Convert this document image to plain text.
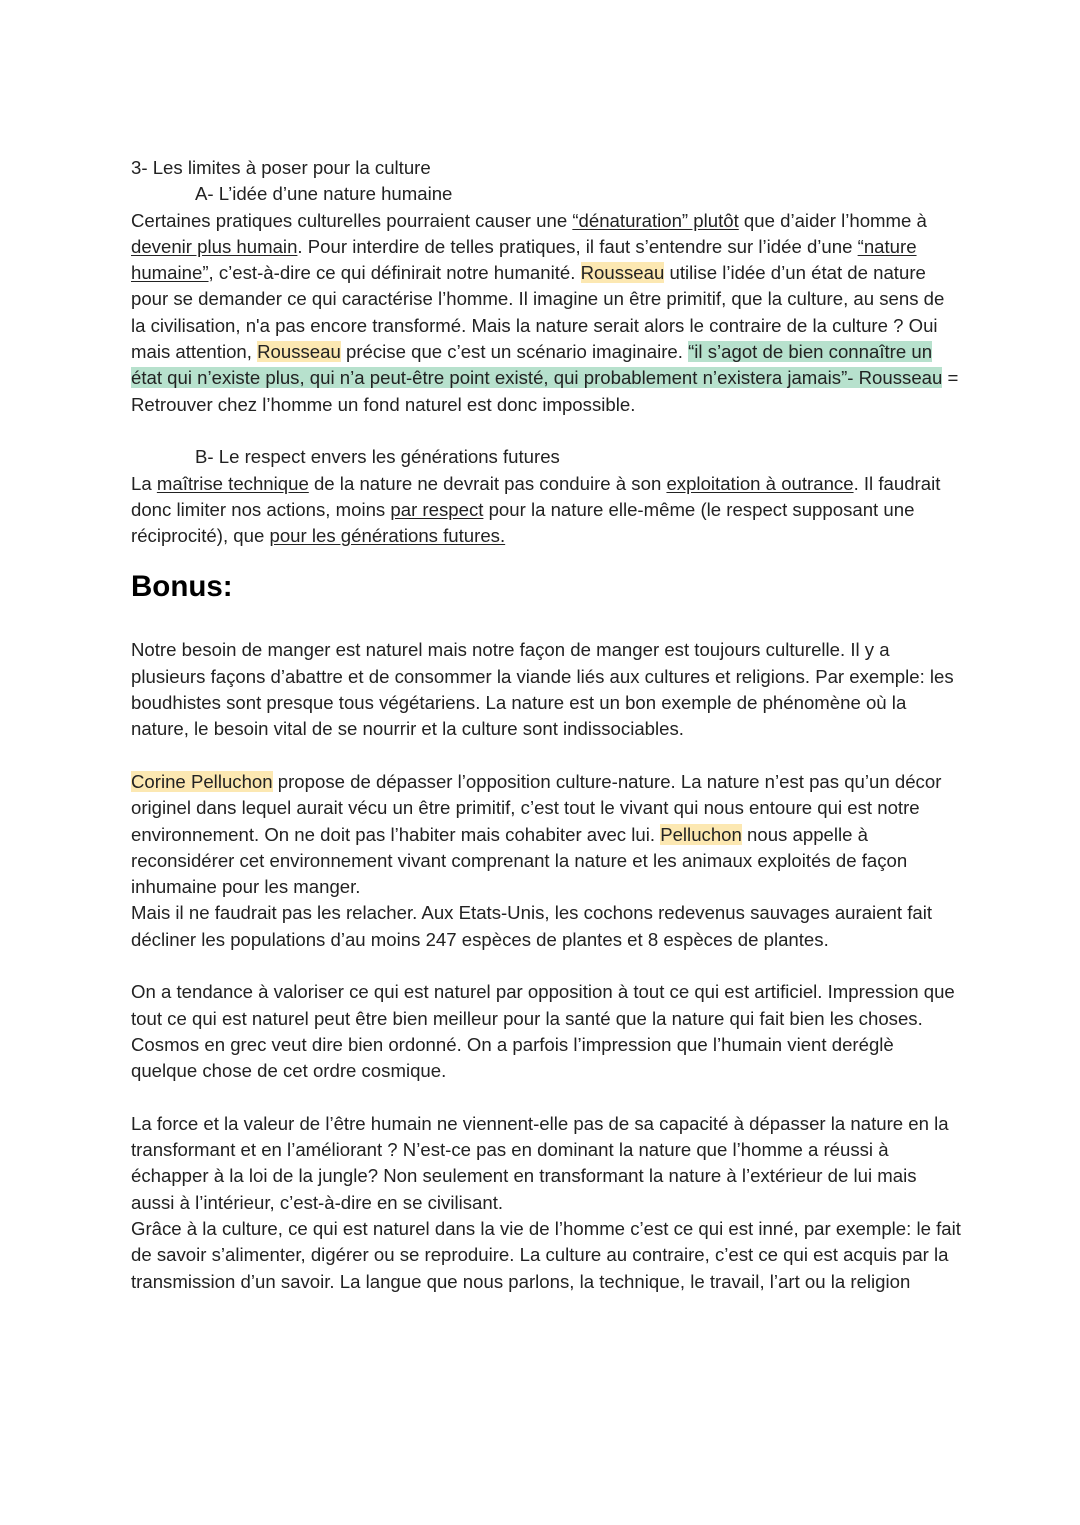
3- Les limites à poser pour la culture

A- L’idée d’une nature humaine

Certaines pratiques culturelles pourraient causer une “dénaturation” plutôt que d’aider l’homme à devenir plus humain. Pour interdire de telles pratiques, il faut s’entendre sur l’idée d’une “nature humaine”, c’est-à-dire ce qui définirait notre humanité. Rousseau utilise l’idée d’un état de nature pour se demander ce qui caractérise l’homme. Il imagine un être primitif, que la culture, au sens de la civilisation, n'a pas encore transformé. Mais la nature serait alors le contraire de la culture ? Oui mais attention, Rousseau précise que c’est un scénario imaginaire. “il s’agot de bien connaître un état qui n’existe plus, qui n’a peut-être point existé, qui probablement n’existera jamais”- Rousseau = Retrouver chez l’homme un fond naturel est donc impossible.

B- Le respect envers les générations futures

La maîtrise technique de la nature ne devrait pas conduire à son exploitation à outrance. Il faudrait donc limiter nos actions, moins par respect pour la nature elle-même (le respect supposant une réciprocité), que pour les générations futures.

Bonus:

Notre besoin de manger est naturel mais notre façon de manger est toujours culturelle. Il y a plusieurs façons d’abattre et de consommer la viande liés aux cultures et religions. Par exemple: les boudhistes sont presque tous végétariens. La nature est un bon exemple de phénomène où la nature, le besoin vital de se nourrir et la culture sont indissociables.

Corine Pelluchon propose de dépasser l’opposition culture-nature. La nature n’est pas qu’un décor originel dans lequel aurait vécu un être primitif, c’est tout le vivant qui nous entoure qui est notre environnement. On ne doit pas l’habiter mais cohabiter avec lui. Pelluchon nous appelle à reconsidérer cet environnement vivant comprenant la nature et les animaux exploités de façon inhumaine pour les manger.

Mais il ne faudrait pas les relacher. Aux Etats-Unis, les cochons redevenus sauvages auraient fait décliner les populations d’au moins 247 espèces de plantes et 8 espèces de plantes.

On a tendance à valoriser ce qui est naturel par opposition à tout ce qui est artificiel. Impression que tout ce qui est naturel peut être bien meilleur pour la santé que la nature qui fait bien les choses. Cosmos en grec veut dire bien ordonné. On a parfois l’impression que l’humain vient deréglè quelque chose de cet ordre cosmique.

La force et la valeur de l’être humain ne viennent-elle pas de sa capacité à dépasser la nature en la transformant et en l’améliorant ? N’est-ce pas en dominant la nature que l’homme a réussi à échapper à la loi de la jungle? Non seulement en transformant la nature à l’extérieur de lui mais aussi à l’intérieur, c’est-à-dire en se civilisant.

Grâce à la culture, ce qui est naturel dans la vie de l’homme c’est ce qui est inné, par exemple: le fait de savoir s’alimenter, digérer ou se reproduire. La culture au contraire, c’est ce qui est acquis par la transmission d’un savoir. La langue que nous parlons, la technique, le travail, l’art ou la religion
